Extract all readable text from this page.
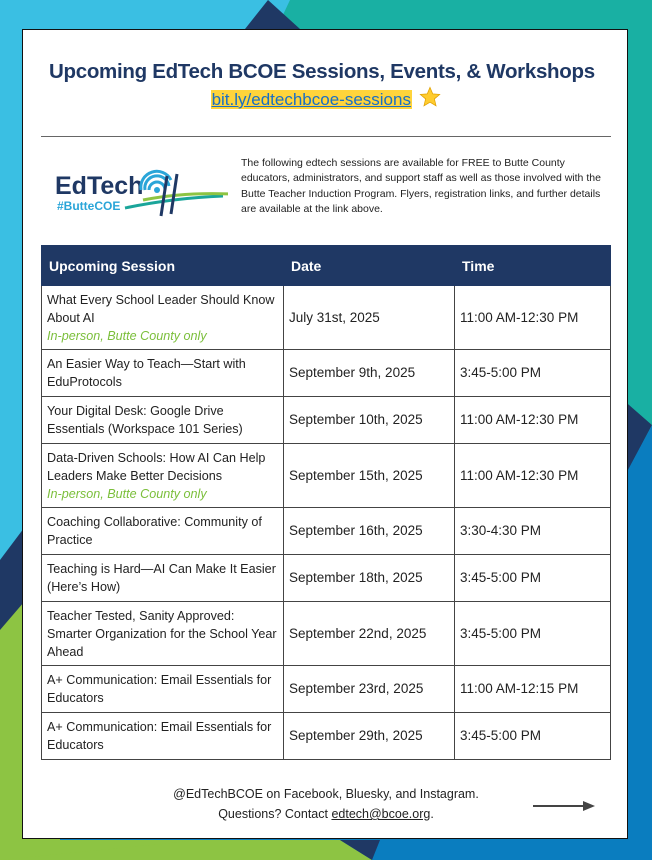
Upcoming EdTech BCOE Sessions, Events, & Workshops
bit.ly/edtechbcoe-sessions
EdTech
#ButteCOE
The following edtech sessions are available for FREE to Butte County educators, administrators, and support staff as well as those involved with the Butte Teacher Induction Program. Flyers, registration links, and further details are available at the link above.
Upcoming Session	Date	Time
What Every School Leader Should Know About AI
In-person, Butte County only	July 31st, 2025	11:00 AM-12:30 PM
An Easier Way to Teach—Start with EduProtocols	September 9th, 2025	3:45-5:00 PM
Your Digital Desk: Google Drive Essentials (Workspace 101 Series)	September 10th, 2025	11:00 AM-12:30 PM
Data-Driven Schools: How AI Can Help Leaders Make Better Decisions
In-person, Butte County only	September 15th, 2025	11:00 AM-12:30 PM
Coaching Collaborative: Community of Practice	September 16th, 2025	3:30-4:30 PM
Teaching is Hard—AI Can Make It Easier (Here’s How)	September 18th, 2025	3:45-5:00 PM
Teacher Tested, Sanity Approved: Smarter Organization for the School Year Ahead	September 22nd, 2025	3:45-5:00 PM
A+ Communication: Email Essentials for Educators	September 23rd, 2025	11:00 AM-12:15 PM
A+ Communication: Email Essentials for Educators	September 29th, 2025	3:45-5:00 PM
@EdTechBCOE on Facebook, Bluesky, and Instagram.
Questions? Contact edtech@bcoe.org.
